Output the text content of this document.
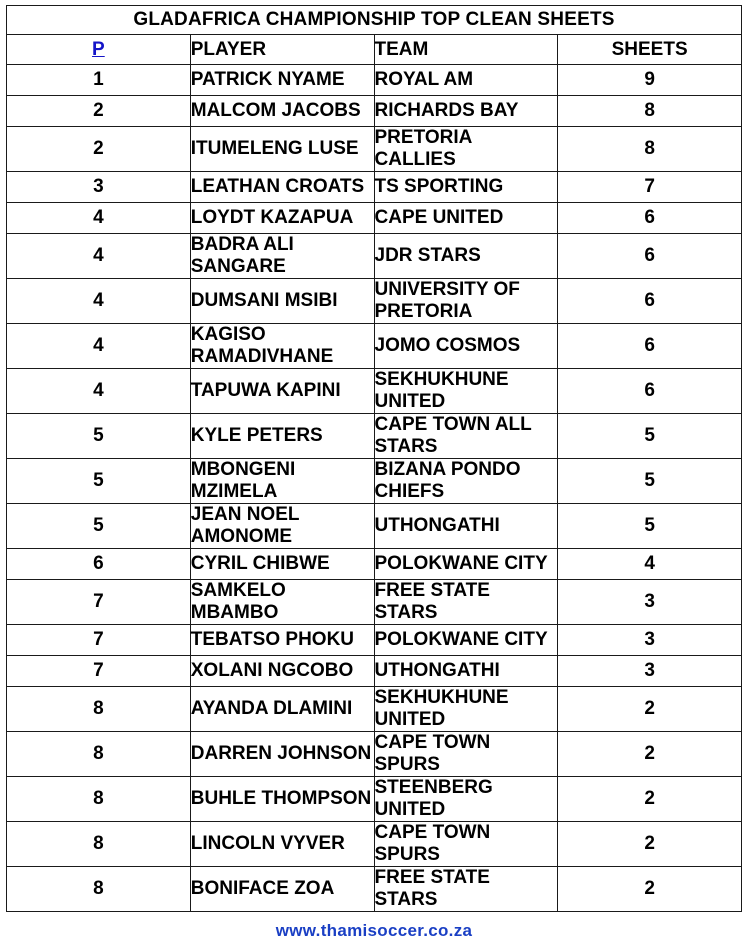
GLADAFRICA CHAMPIONSHIP TOP CLEAN SHEETS			
P	PLAYER	TEAM	SHEETS
1	PATRICK NYAME	ROYAL AM	9
2	MALCOM JACOBS	RICHARDS BAY	8
2	ITUMELENG LUSE	PRETORIA CALLIES	8
3	LEATHAN CROATS	TS SPORTING	7
4	LOYDT KAZAPUA	CAPE UNITED	6
4	BADRA ALI SANGARE	JDR STARS	6
4	DUMSANI MSIBI	UNIVERSITY OF PRETORIA	6
4	KAGISO RAMADIVHANE	JOMO COSMOS	6
4	TAPUWA KAPINI	SEKHUKHUNE UNITED	6
5	KYLE PETERS	CAPE TOWN ALL STARS	5
5	MBONGENI MZIMELA	BIZANA PONDO CHIEFS	5
5	JEAN NOEL AMONOME	UTHONGATHI	5
6	CYRIL CHIBWE	POLOKWANE CITY	4
7	SAMKELO MBAMBO	FREE STATE STARS	3
7	TEBATSO PHOKU	POLOKWANE CITY	3
7	XOLANI NGCOBO	UTHONGATHI	3
8	AYANDA DLAMINI	SEKHUKHUNE UNITED	2
8	DARREN JOHNSON	CAPE TOWN SPURS	2
8	BUHLE THOMPSON	STEENBERG UNITED	2
8	LINCOLN VYVER	CAPE TOWN SPURS	2
8	BONIFACE ZOA	FREE STATE STARS	2
www.thamisoccer.co.za
